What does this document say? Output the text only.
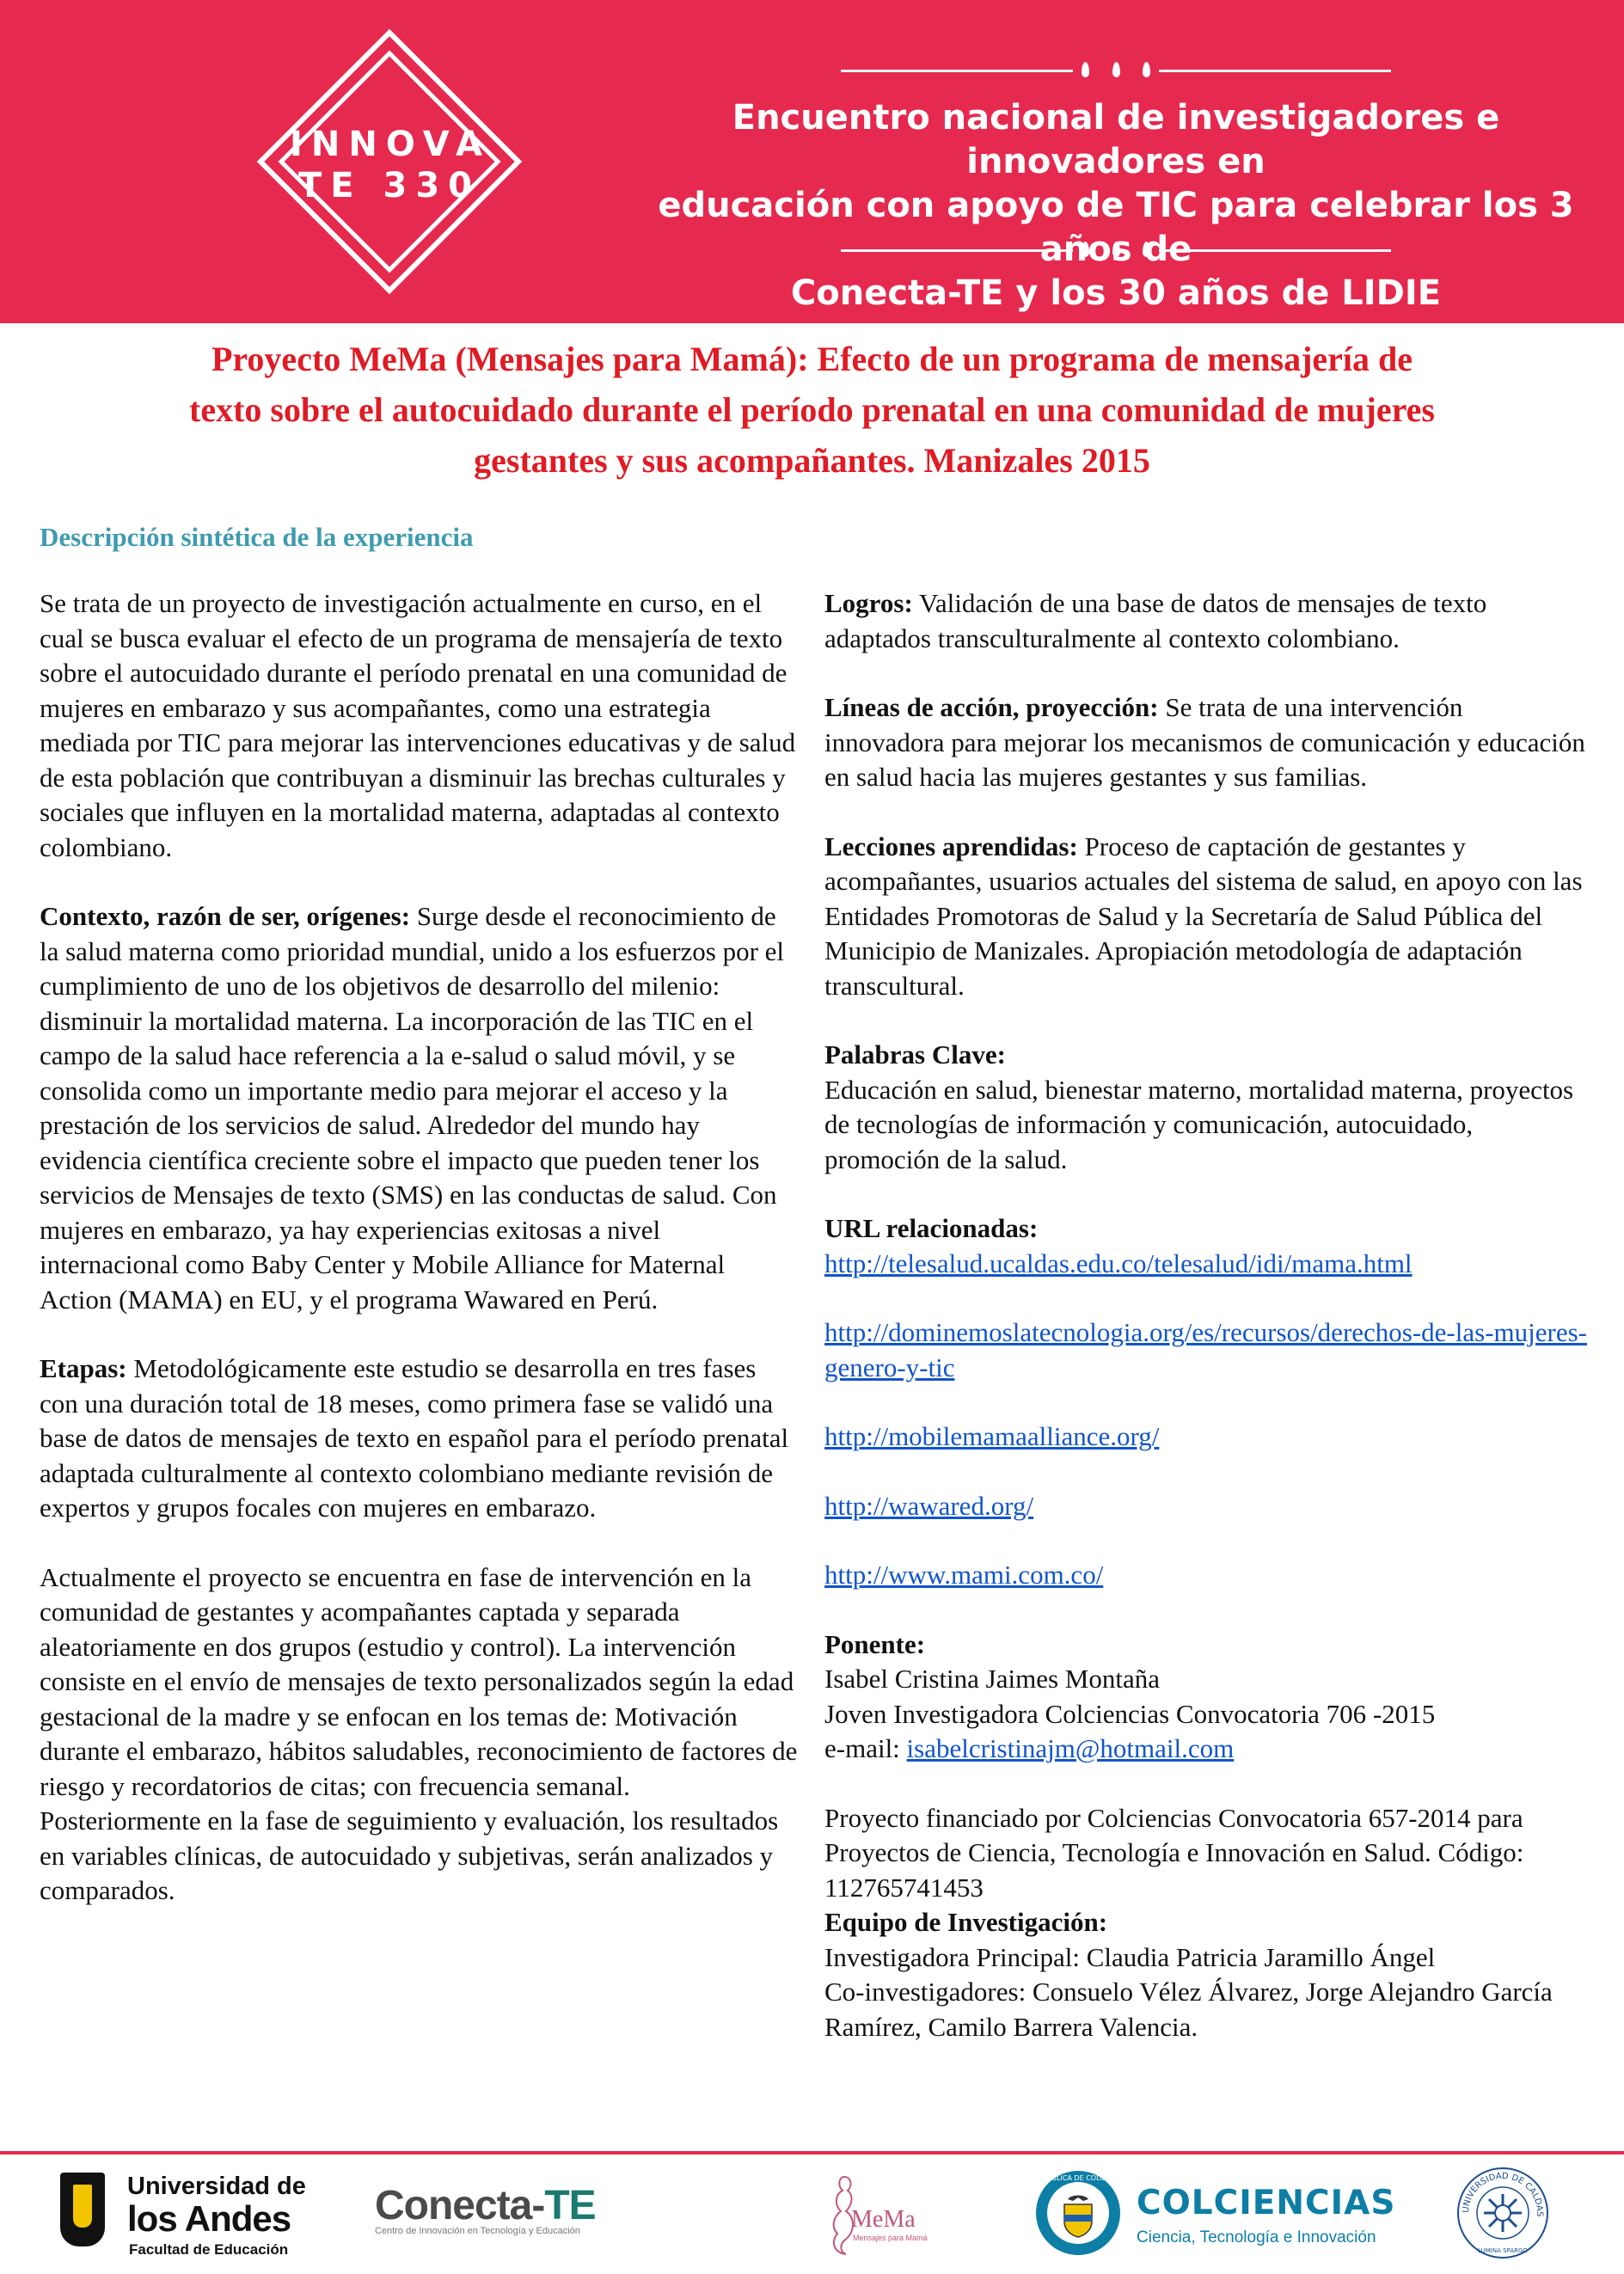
INNOVA
TE 330
Encuentro nacional de investigadores e innovadores en
educación con apoyo de TIC para celebrar los 3 de
Conecta-TE y los 30 años de LIDIE
Proyecto MeMa (Mensajes para Mamá): Efecto de un programa de mensajería de
texto sobre el autocuidado durante el período prenatal en una comunidad de mujeres
gestantes y sus acompañantes. Manizales 2015
Descripción sintética de la experiencia

Se trata de un proyecto de investigación actualmente en curso, en el cual se busca evaluar el efecto de un programa de mensajería de texto sobre el autocuidado durante el período prenatal en una comunidad de mujeres en embarazo y sus acompañantes, como una estrategia mediada por TIC para mejorar las intervenciones educativas y de salud de esta población que contribuyan a disminuir las brechas culturales y sociales que influyen en la mortalidad materna, adaptadas al contexto colombiano.

Contexto, razón de ser, orígenes: Surge desde el reconocimiento de la salud materna como prioridad mundial, unido a los esfuerzos por el cumplimiento de uno de los objetivos de desarrollo del milenio: disminuir la mortalidad materna. La incorporación de las TIC en el campo de la salud hace referencia a la e-salud o salud móvil, y se consolida como un importante medio para mejorar el acceso y la prestación de los servicios de salud. Alrededor del mundo hay evidencia científica creciente sobre el impacto que pueden tener los servicios de Mensajes de texto (SMS) en las conductas de salud. Con mujeres en embarazo, ya hay experiencias exitosas a nivel internacional como Baby Center y Mobile Alliance for Maternal Action (MAMA) en EU, y el programa Wawared en Perú.

Etapas: Metodológicamente este estudio se desarrolla en tres fases con una duración total de 18 meses, como primera fase se validó una base de datos de mensajes de texto en español para el período prenatal adaptada culturalmente al contexto colombiano mediante revisión de expertos y grupos focales con mujeres en embarazo.

Actualmente el proyecto se encuentra en fase de intervención en la comunidad de gestantes y acompañantes captada y separada aleatoriamente en dos grupos (estudio y control). La intervención consiste en el envío de mensajes de texto personalizados según la edad gestacional de la madre y se enfocan en los temas de: Motivación durante el embarazo, hábitos saludables, reconocimiento de factores de riesgo y recordatorios de citas; con frecuencia semanal. Posteriormente en la fase de seguimiento y evaluación, los resultados en variables clínicas, de autocuidado y subjetivas, serán analizados y comparados.

Logros: Validación de una base de datos de mensajes de texto adaptados transculturalmente al contexto colombiano.

Líneas de acción, proyección: Se trata de una intervención innovadora para mejorar los mecanismos de comunicación y educación en salud hacia las mujeres gestantes y sus familias.

Lecciones aprendidas: Proceso de captación de gestantes y acompañantes, usuarios actuales del sistema de salud, en apoyo con las Entidades Promotoras de Salud y la Secretaría de Salud Pública del Municipio de Manizales. Apropiación metodología de adaptación transcultural.

Palabras Clave:
Educación en salud, bienestar materno, mortalidad materna, proyectos de tecnologías de información y comunicación, autocuidado, promoción de la salud.

URL relacionadas:
http://telesalud.ucaldas.edu.co/telesalud/idi/mama.html

http://dominemoslatecnologia.org/es/recursos/derechos-de-las-mujeres-genero-y-tic

http://mobilemamaalliance.org/

http://wawared.org/

http://www.mami.com.co/

Ponente:
Isabel Cristina Jaimes Montaña
Joven Investigadora Colciencias Convocatoria 706 -2015
e-mail: isabelcristinajm@hotmail.com

Proyecto financiado por Colciencias Convocatoria 657-2014 para Proyectos de Ciencia, Tecnología e Innovación en Salud. Código: 112765741453

Equipo de Investigación:
Investigadora Principal: Claudia Patricia Jaramillo Ángel
Co-investigadores: Consuelo Vélez Álvarez, Jorge Alejandro García Ramírez, Camilo Barrera Valencia.

Universidad de
los Andes
Facultad de Educación
Conecta-TE
Centro de Innovación en Tecnología y Educación	MeMa
Mensajes para Mamá
REPÚBLICA DE COLOMBIA
COLCIENCIAS
Ciencia, Tecnología e Innovación
UNIVERSIDAD DE CALDAS
LUMINA SPARGO
